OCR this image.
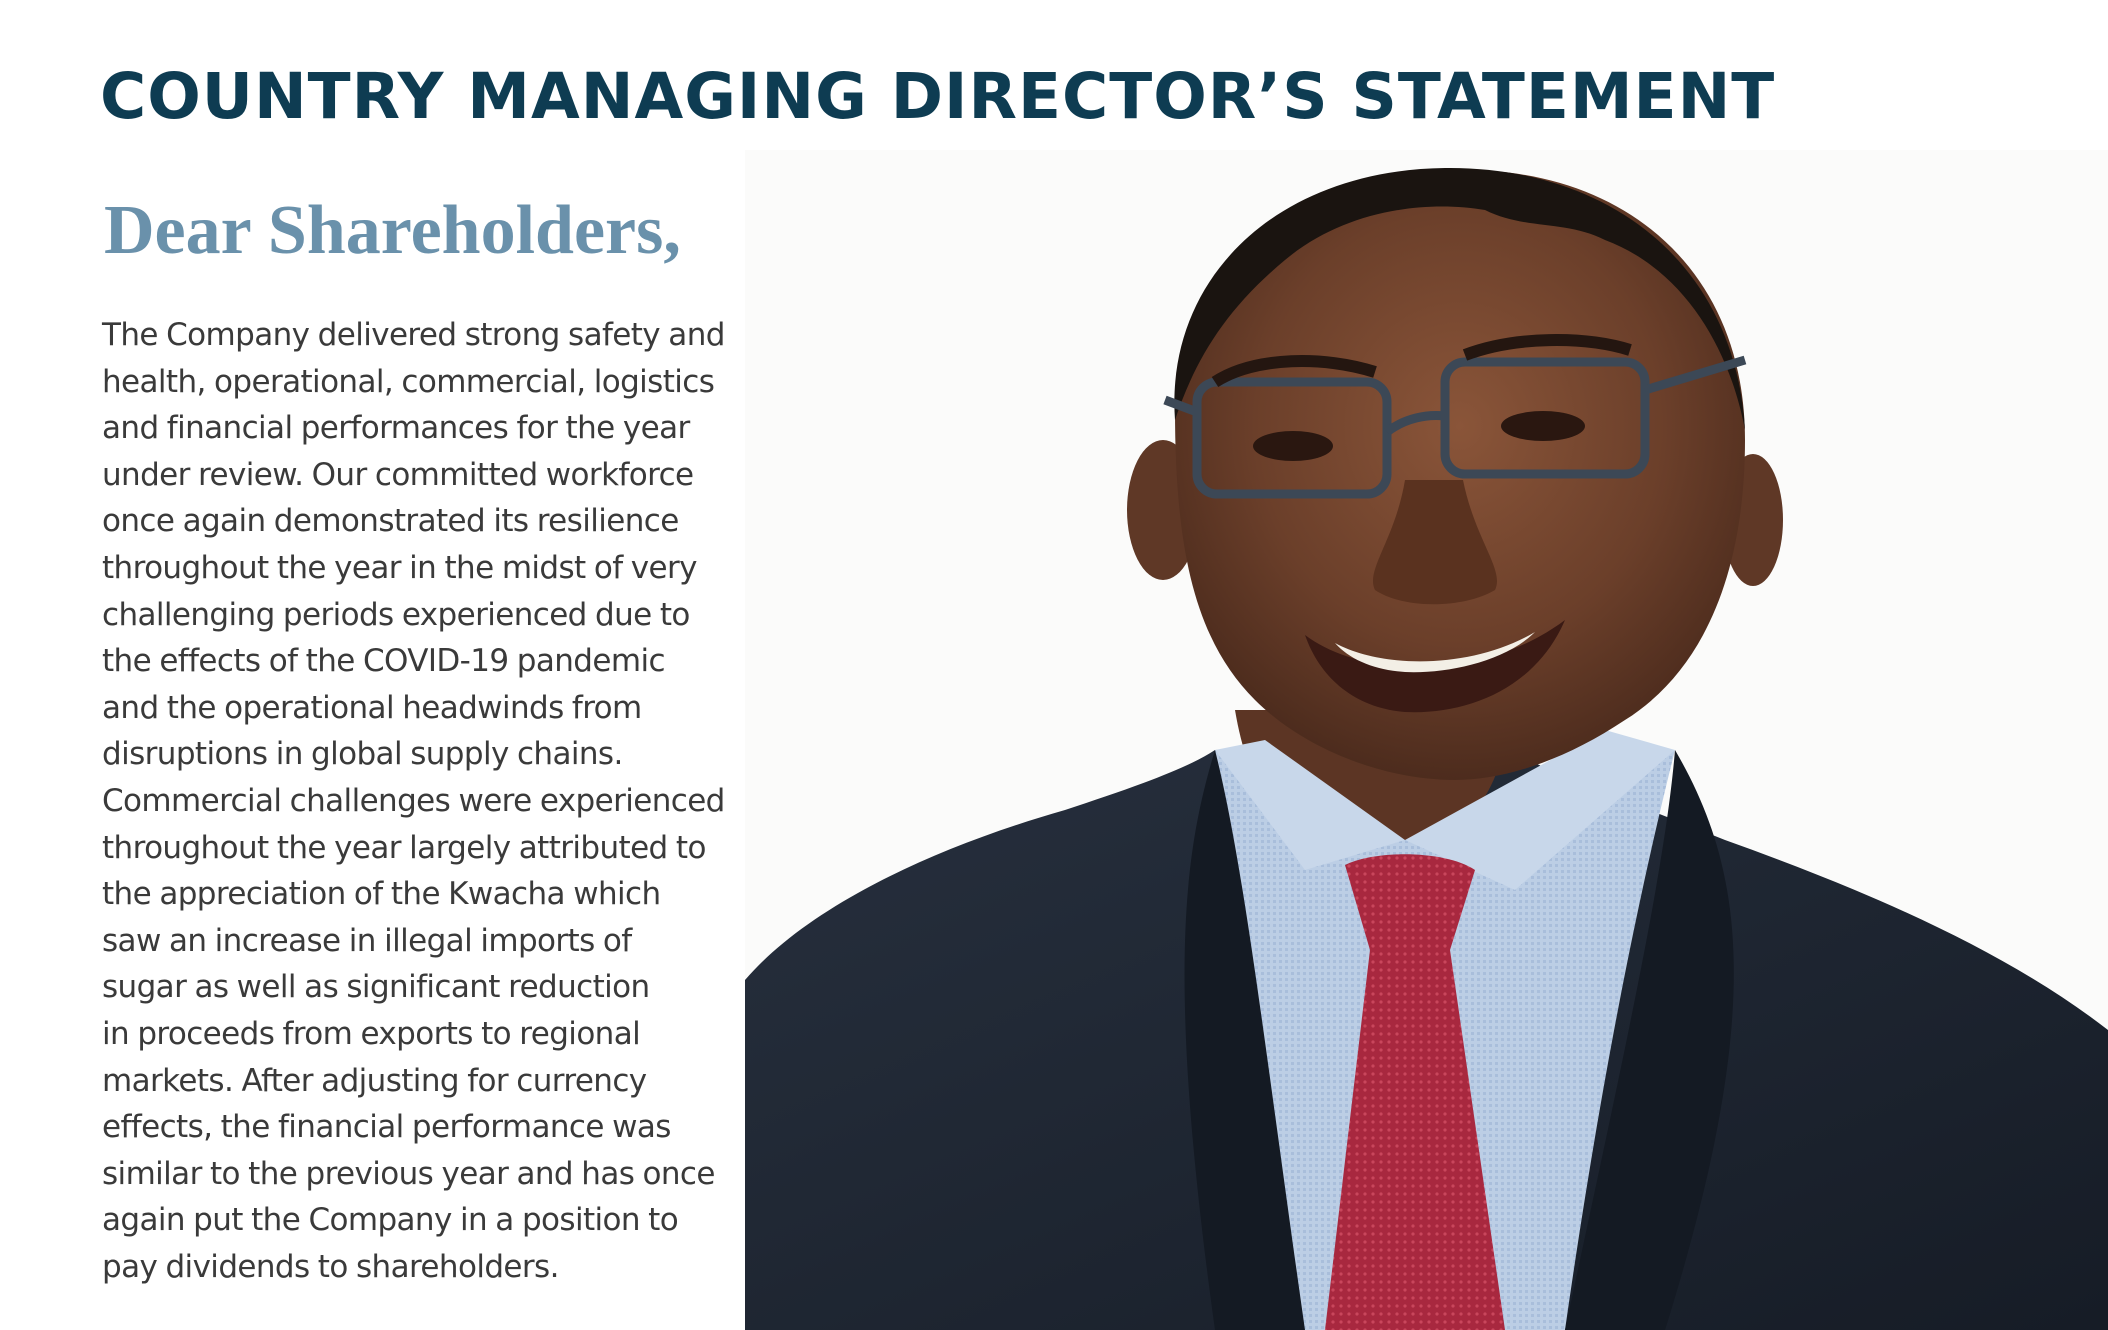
COUNTRY MANAGING DIRECTOR’S STATEMENT
Dear Shareholders,
The Company delivered strong safety and
health, operational, commercial, logistics
and financial performances for the year
under review. Our committed workforce
once again demonstrated its resilience
throughout the year in the midst of very
challenging periods experienced due to
the effects of the COVID-19 pandemic
and the operational headwinds from
disruptions in global supply chains.
Commercial challenges were experienced
throughout the year largely attributed to
the appreciation of the Kwacha which
saw an increase in illegal imports of
sugar as well as significant reduction
in proceeds from exports to regional
markets. After adjusting for currency
effects, the financial performance was
similar to the previous year and has once
again put the Company in a position to
pay dividends to shareholders.
